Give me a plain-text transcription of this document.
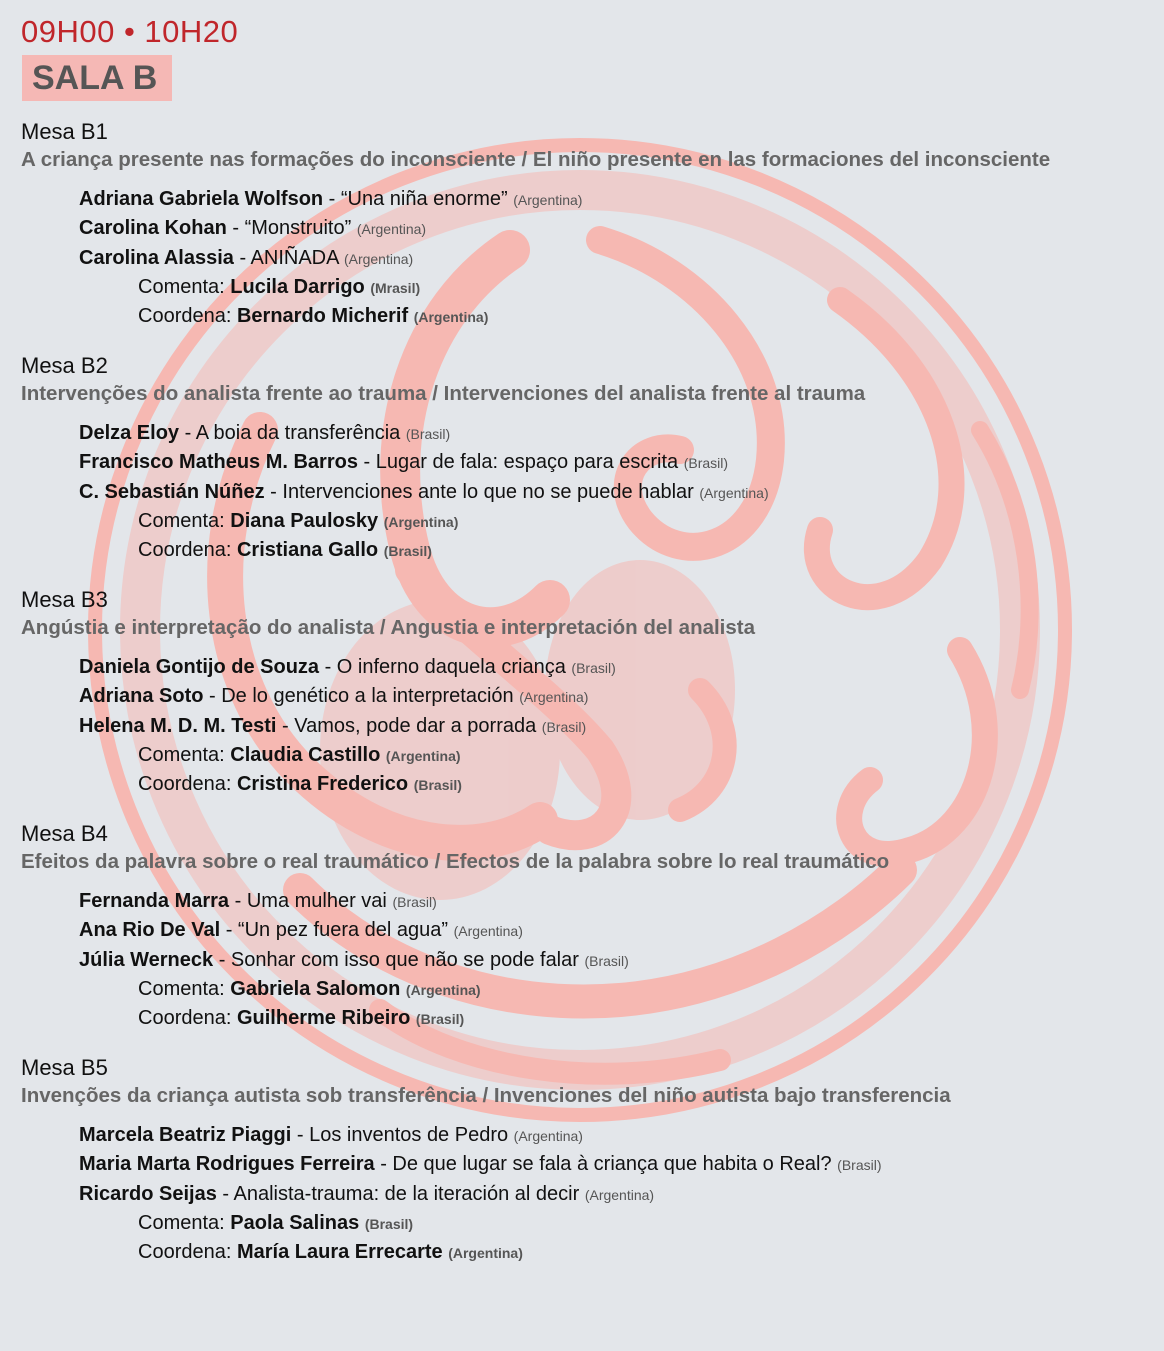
09H00 • 10H20
SALA B
Mesa B1
A criança presente nas formações do inconsciente / El niño presente en las formaciones del inconsciente
Adriana Gabriela Wolfson - “Una niña enorme” (Argentina)
Carolina Kohan - “Monstruito” (Argentina)
Carolina Alassia - ANIÑADA (Argentina)
Comenta: Lucila Darrigo (Mrasil)
Coordena: Bernardo Micherif (Argentina)
Mesa B2
Intervenções do analista frente ao trauma / Intervenciones del analista frente al trauma
Delza Eloy - A boia da transferência (Brasil)
Francisco Matheus M. Barros - Lugar de fala: espaço para escrita (Brasil)
C. Sebastián Núñez - Intervenciones ante lo que no se puede hablar (Argentina)
Comenta: Diana Paulosky (Argentina)
Coordena: Cristiana Gallo (Brasil)
Mesa B3
Angústia e interpretação do analista / Angustia e interpretación del analista
Daniela Gontijo de Souza - O inferno daquela criança (Brasil)
Adriana Soto - De lo genético a la interpretación (Argentina)
Helena M. D. M. Testi - Vamos, pode dar a porrada (Brasil)
Comenta: Claudia Castillo (Argentina)
Coordena: Cristina Frederico (Brasil)
Mesa B4
Efeitos da palavra sobre o real traumático / Efectos de la palabra sobre lo real traumático
Fernanda Marra - Uma mulher vai (Brasil)
Ana Rio De Val - “Un pez fuera del agua” (Argentina)
Júlia Werneck - Sonhar com isso que não se pode falar (Brasil)
Comenta: Gabriela Salomon (Argentina)
Coordena: Guilherme Ribeiro (Brasil)
Mesa B5
Invenções da criança autista sob transferência / Invenciones del niño autista bajo transferencia
Marcela Beatriz Piaggi - Los inventos de Pedro (Argentina)
Maria Marta Rodrigues Ferreira - De que lugar se fala à criança que habita o Real? (Brasil)
Ricardo Seijas - Analista-trauma: de la iteración al decir (Argentina)
Comenta: Paola Salinas (Brasil)
Coordena: María Laura Errecarte (Argentina)
